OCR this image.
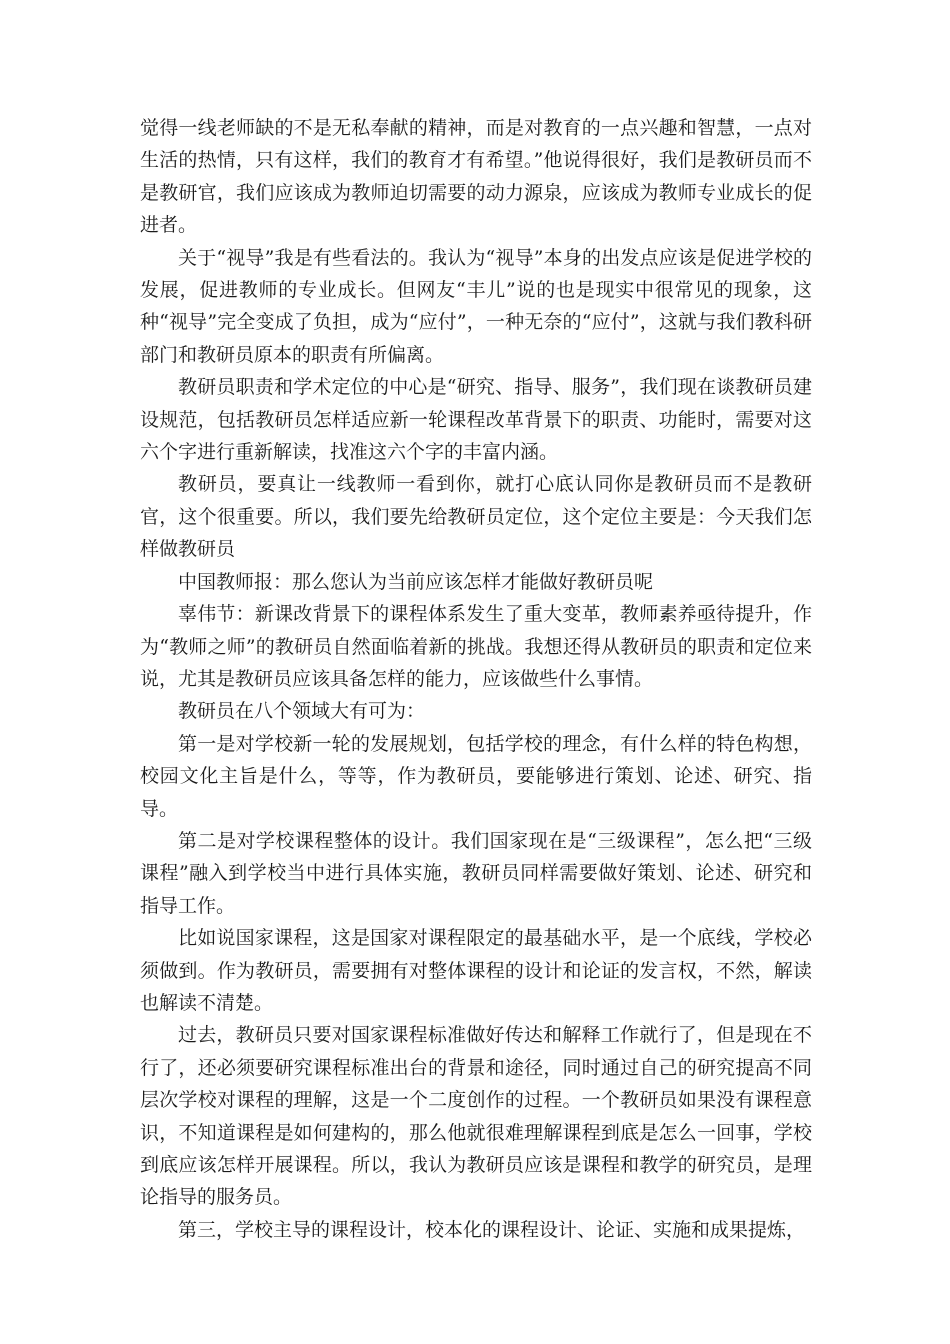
觉得一线老师缺的不是无私奉献的精神，而是对教育的一点兴趣和智慧，一点对生活的热情，只有这样，我们的教育才有希望。”他说得很好，我们是教研员而不是教研官，我们应该成为教师迫切需要的动力源泉，应该成为教师专业成长的促进者。

关于“视导”我是有些看法的。我认为“视导”本身的出发点应该是促进学校的发展，促进教师的专业成长。但网友“丰儿”说的也是现实中很常见的现象，这种“视导”完全变成了负担，成为“应付”，一种无奈的“应付”，这就与我们教科研部门和教研员原本的职责有所偏离。

教研员职责和学术定位的中心是“研究、指导、服务”，我们现在谈教研员建设规范，包括教研员怎样适应新一轮课程改革背景下的职责、功能时，需要对这六个字进行重新解读，找准这六个字的丰富内涵。

教研员，要真让一线教师一看到你，就打心底认同你是教研员而不是教研官，这个很重要。所以，我们要先给教研员定位，这个定位主要是：今天我们怎样做教研员

中国教师报：那么您认为当前应该怎样才能做好教研员呢

辜伟节：新课改背景下的课程体系发生了重大变革，教师素养亟待提升，作为“教师之师”的教研员自然面临着新的挑战。我想还得从教研员的职责和定位来说，尤其是教研员应该具备怎样的能力，应该做些什么事情。

教研员在八个领域大有可为：

第一是对学校新一轮的发展规划，包括学校的理念，有什么样的特色构想，校园文化主旨是什么，等等，作为教研员，要能够进行策划、论述、研究、指导。

第二是对学校课程整体的设计。我们国家现在是“三级课程”，怎么把“三级课程”融入到学校当中进行具体实施，教研员同样需要做好策划、论述、研究和指导工作。

比如说国家课程，这是国家对课程限定的最基础水平，是一个底线，学校必须做到。作为教研员，需要拥有对整体课程的设计和论证的发言权，不然，解读也解读不清楚。

过去，教研员只要对国家课程标准做好传达和解释工作就行了，但是现在不行了，还必须要研究课程标准出台的背景和途径，同时通过自己的研究提高不同层次学校对课程的理解，这是一个二度创作的过程。一个教研员如果没有课程意识，不知道课程是如何建构的，那么他就很难理解课程到底是怎么一回事，学校到底应该怎样开展课程。所以，我认为教研员应该是课程和教学的研究员，是理论指导的服务员。

第三，学校主导的课程设计，校本化的课程设计、论证、实施和成果提炼，
